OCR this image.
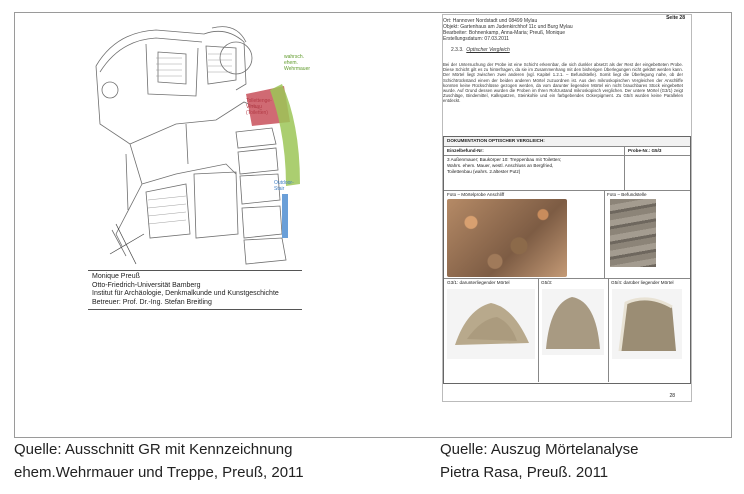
wahrsch.
ehem.
Wehrmauer
Tollettenge-
Verbau
(Toiletten)
Outdoor-
Stair
Monique Preuß
Otto-Friedrich-Universität Bamberg
Institut für Archäologie, Denkmalkunde und Kunstgeschichte
Betreuer: Prof. Dr.-Ing. Stefan Breitling
Seite 28
Ort: Hannover Nordstadt und 08499 Mylau
Objekt: Gartenhaus am Judenkirchhof 11c und Burg Mylau
Bearbeiter: Bohnenkamp, Anna-Maria; Preuß, Monique
Erstellungsdatum: 07.03.2011
2.3.3. Optischer Vergleich
Bei der Untersuchung der Probe ist eine Schicht erkennbar, die sich dunkler absetzt als der Rest der eingebetteten Probe. Diese Schicht gilt es zu hinterfragen, da sie im Zusammenhang mit den bisherigen Überlegungen nicht geklärt werden kann. Der Mörtel liegt zwischen zwei anderen (vgl. Kapitel 1.2.1. – Befundstelle). Somit liegt die Überlegung nahe, ob der Schichtrückstand einem der beiden anderen Mörtel zuzuordnen ist. Aus den mikroskopischen Vergleichen der Anschliffe konnten keine Rückschlüsse gezogen werden, da vom darunter liegenden Mörtel ein nicht brauchbares Stück eingebettet wurde. Auf Grund dessen wurden die Proben im Ihren Rohzustand mikroskopisch verglichen. Der untere Mörtel (G3/1) zeigt Zuschläge, Bindemittel, Kalkspatzen, Steinkohle und ein farbgebendes Ockerpigment. Zu G5/4 wurden keine Parallelen entdeckt.
DOKUMENTATION OPTISCHER VERGLEICH:
Einzelbefund-Nr:	Probe-Nr.: G5/3
3 Außenmauer; Baukörper 10: Treppenbau mit Toiletten;
Wahrs. ehem. Mauer, westl. Anschluss an Bergfried,
Toilettenbau (wahrs. 2.ältester Putz)
Foto – Mörtelprobe Anschliff	Foto – Befundstelle
G3/1: darunterliegender Mörtel	G5/3:	G5/4: darüber liegender Mörtel
28
Quelle: Ausschnitt GR mit Kennzeichnung
ehem.Wehrmauer und Treppe, Preuß, 2011
Quelle: Auszug Mörtelanalyse
Pietra Rasa, Preuß. 2011
